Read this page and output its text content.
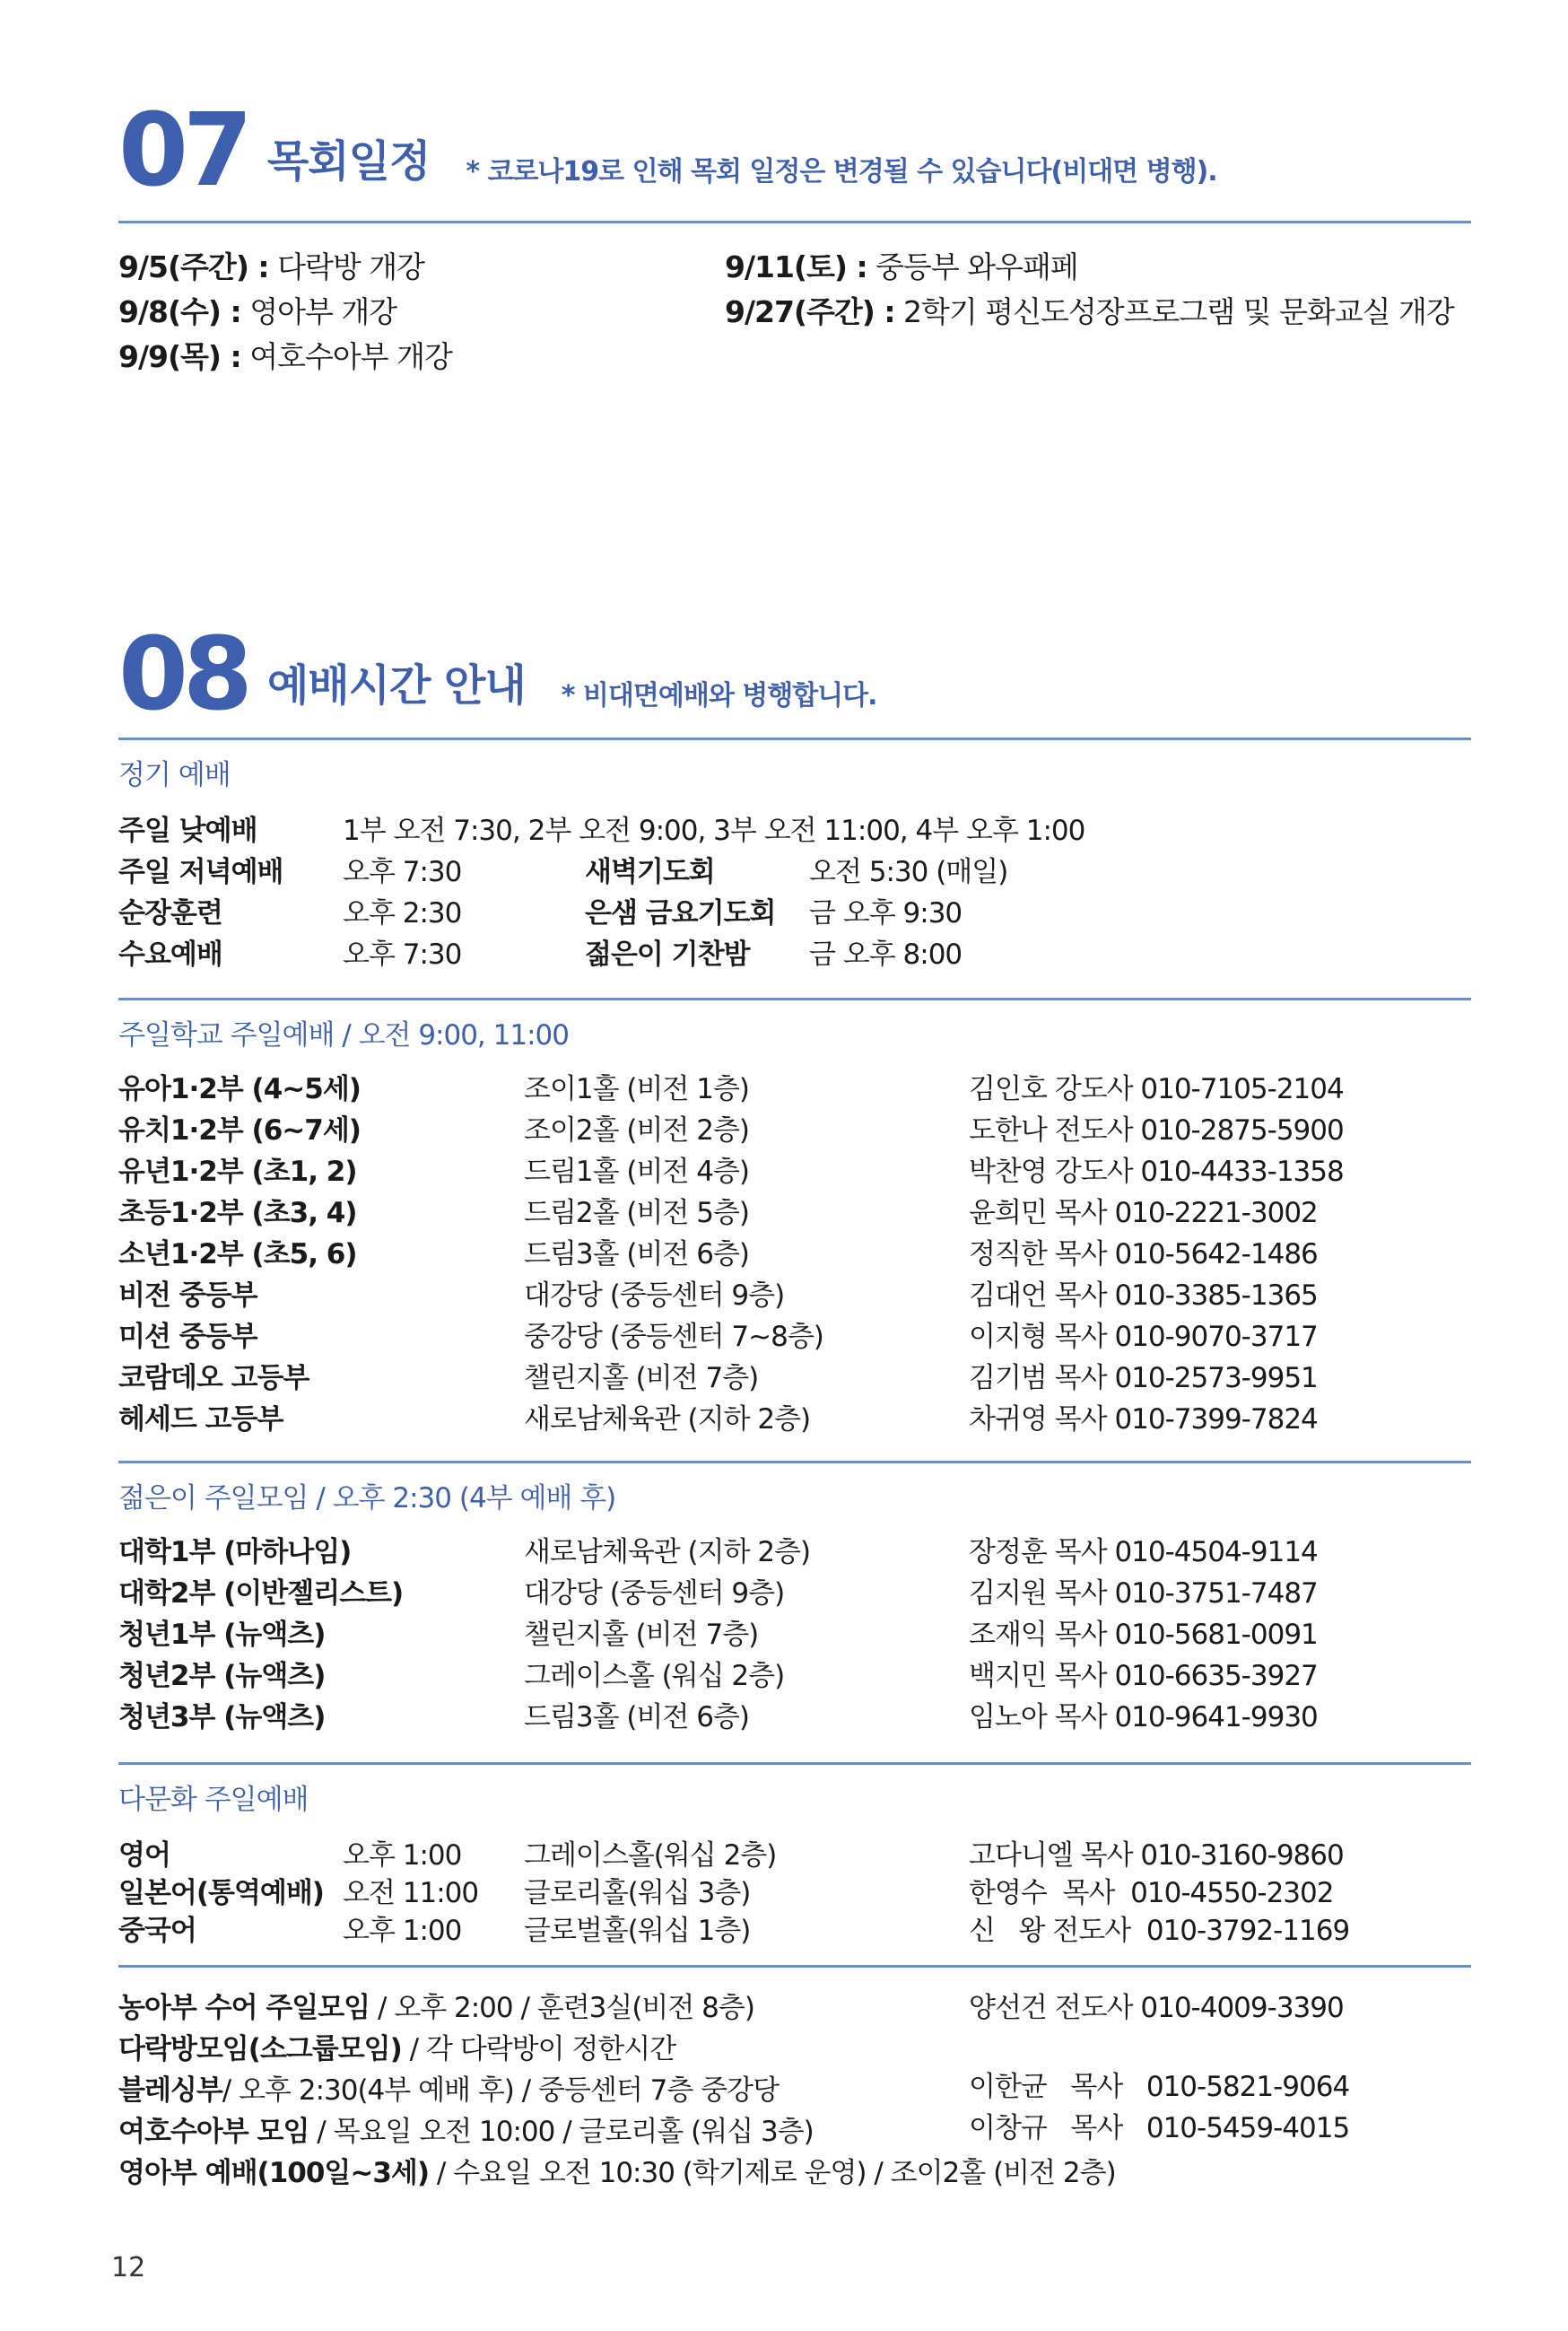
07 목회일정 * 코로나19로 인해 목회 일정은 변경될 수 있습니다(비대면 병행).
9/5(주간) : 다락방 개강
9/8(수) : 영아부 개강
9/9(목) : 여호수아부 개강
9/11(토) : 중등부 와우패페
9/27(주간) : 2학기 평신도성장프로그램 및 문화교실 개강
08 예배시간 안내 * 비대면예배와 병행합니다.
정기 예배
주일 낮예배	1부 오전 7:30, 2부 오전 9:00, 3부 오전 11:00, 4부 오후 1:00
주일 저녁예배 오후 7:30	새벽기도회	오전 5:30 (매일)
순장훈련	오후 2:30	은샘 금요기도회 금 오후 9:30
수요예배	오후 7:30	젊은이 기찬밤 금 오후 8:00
주일학교 주일예배 / 오전 9:00, 11:00
유아1·2부 (4~5세)	조이1홀 (비전 1층)	김인호 강도사 010-7105-2104
유치1·2부 (6~7세)	조이2홀 (비전 2층)	도한나 전도사 010-2875-5900
유년1·2부 (초1, 2)	드림1홀 (비전 4층)	박찬영 강도사 010-4433-1358
초등1·2부 (초3, 4)	드림2홀 (비전 5층)	윤희민 목사 010-2221-3002
소년1·2부 (초5, 6)	드림3홀 (비전 6층)	정직한 목사 010-5642-1486
비전 중등부	대강당 (중등센터 9층)	김대언 목사 010-3385-1365
미션 중등부	중강당 (중등센터 7~8층)	이지형 목사 010-9070-3717
코람데오 고등부	챌린지홀 (비전 7층)	김기범 목사 010-2573-9951
헤세드 고등부	새로남체육관 (지하 2층)	차귀영 목사 010-7399-7824
젊은이 주일모임 / 오후 2:30 (4부 예배 후)
대학1부 (마하나임)	새로남체육관 (지하 2층)	장정훈 목사 010-4504-9114
대학2부 (이반젤리스트)	대강당 (중등센터 9층)	김지원 목사 010-3751-7487
청년1부 (뉴액츠)	챌린지홀 (비전 7층)	조재익 목사 010-5681-0091
청년2부 (뉴액츠)	그레이스홀 (워십 2층)	백지민 목사 010-6635-3927
청년3부 (뉴액츠)	드림3홀 (비전 6층)	임노아 목사 010-9641-9930
다문화 주일예배
영어	오후 1:00 그레이스홀(워십 2층)	고다니엘 목사 010-3160-9860
일본어(통역예배) 오전 11:00 글로리홀(워십 3층)	한영수  목사  010-4550-2302
중국어	오후 1:00 글로벌홀(워십 1층)	신   왕 전도사  010-3792-1169
농아부 수어 주일모임 / 오후 2:00 / 훈련3실(비전 8층)	양선건 전도사 010-4009-3390
다락방모임(소그룹모임) / 각 다락방이 정한시간
블레싱부/ 오후 2:30(4부 예배 후) / 중등센터 7층 중강당	이한균   목사   010-5821-9064
여호수아부 모임 / 목요일 오전 10:00 / 글로리홀 (워십 3층)	이창규   목사   010-5459-4015
영아부 예배(100일~3세) / 수요일 오전 10:30 (학기제로 운영) / 조이2홀 (비전 2층)
12
